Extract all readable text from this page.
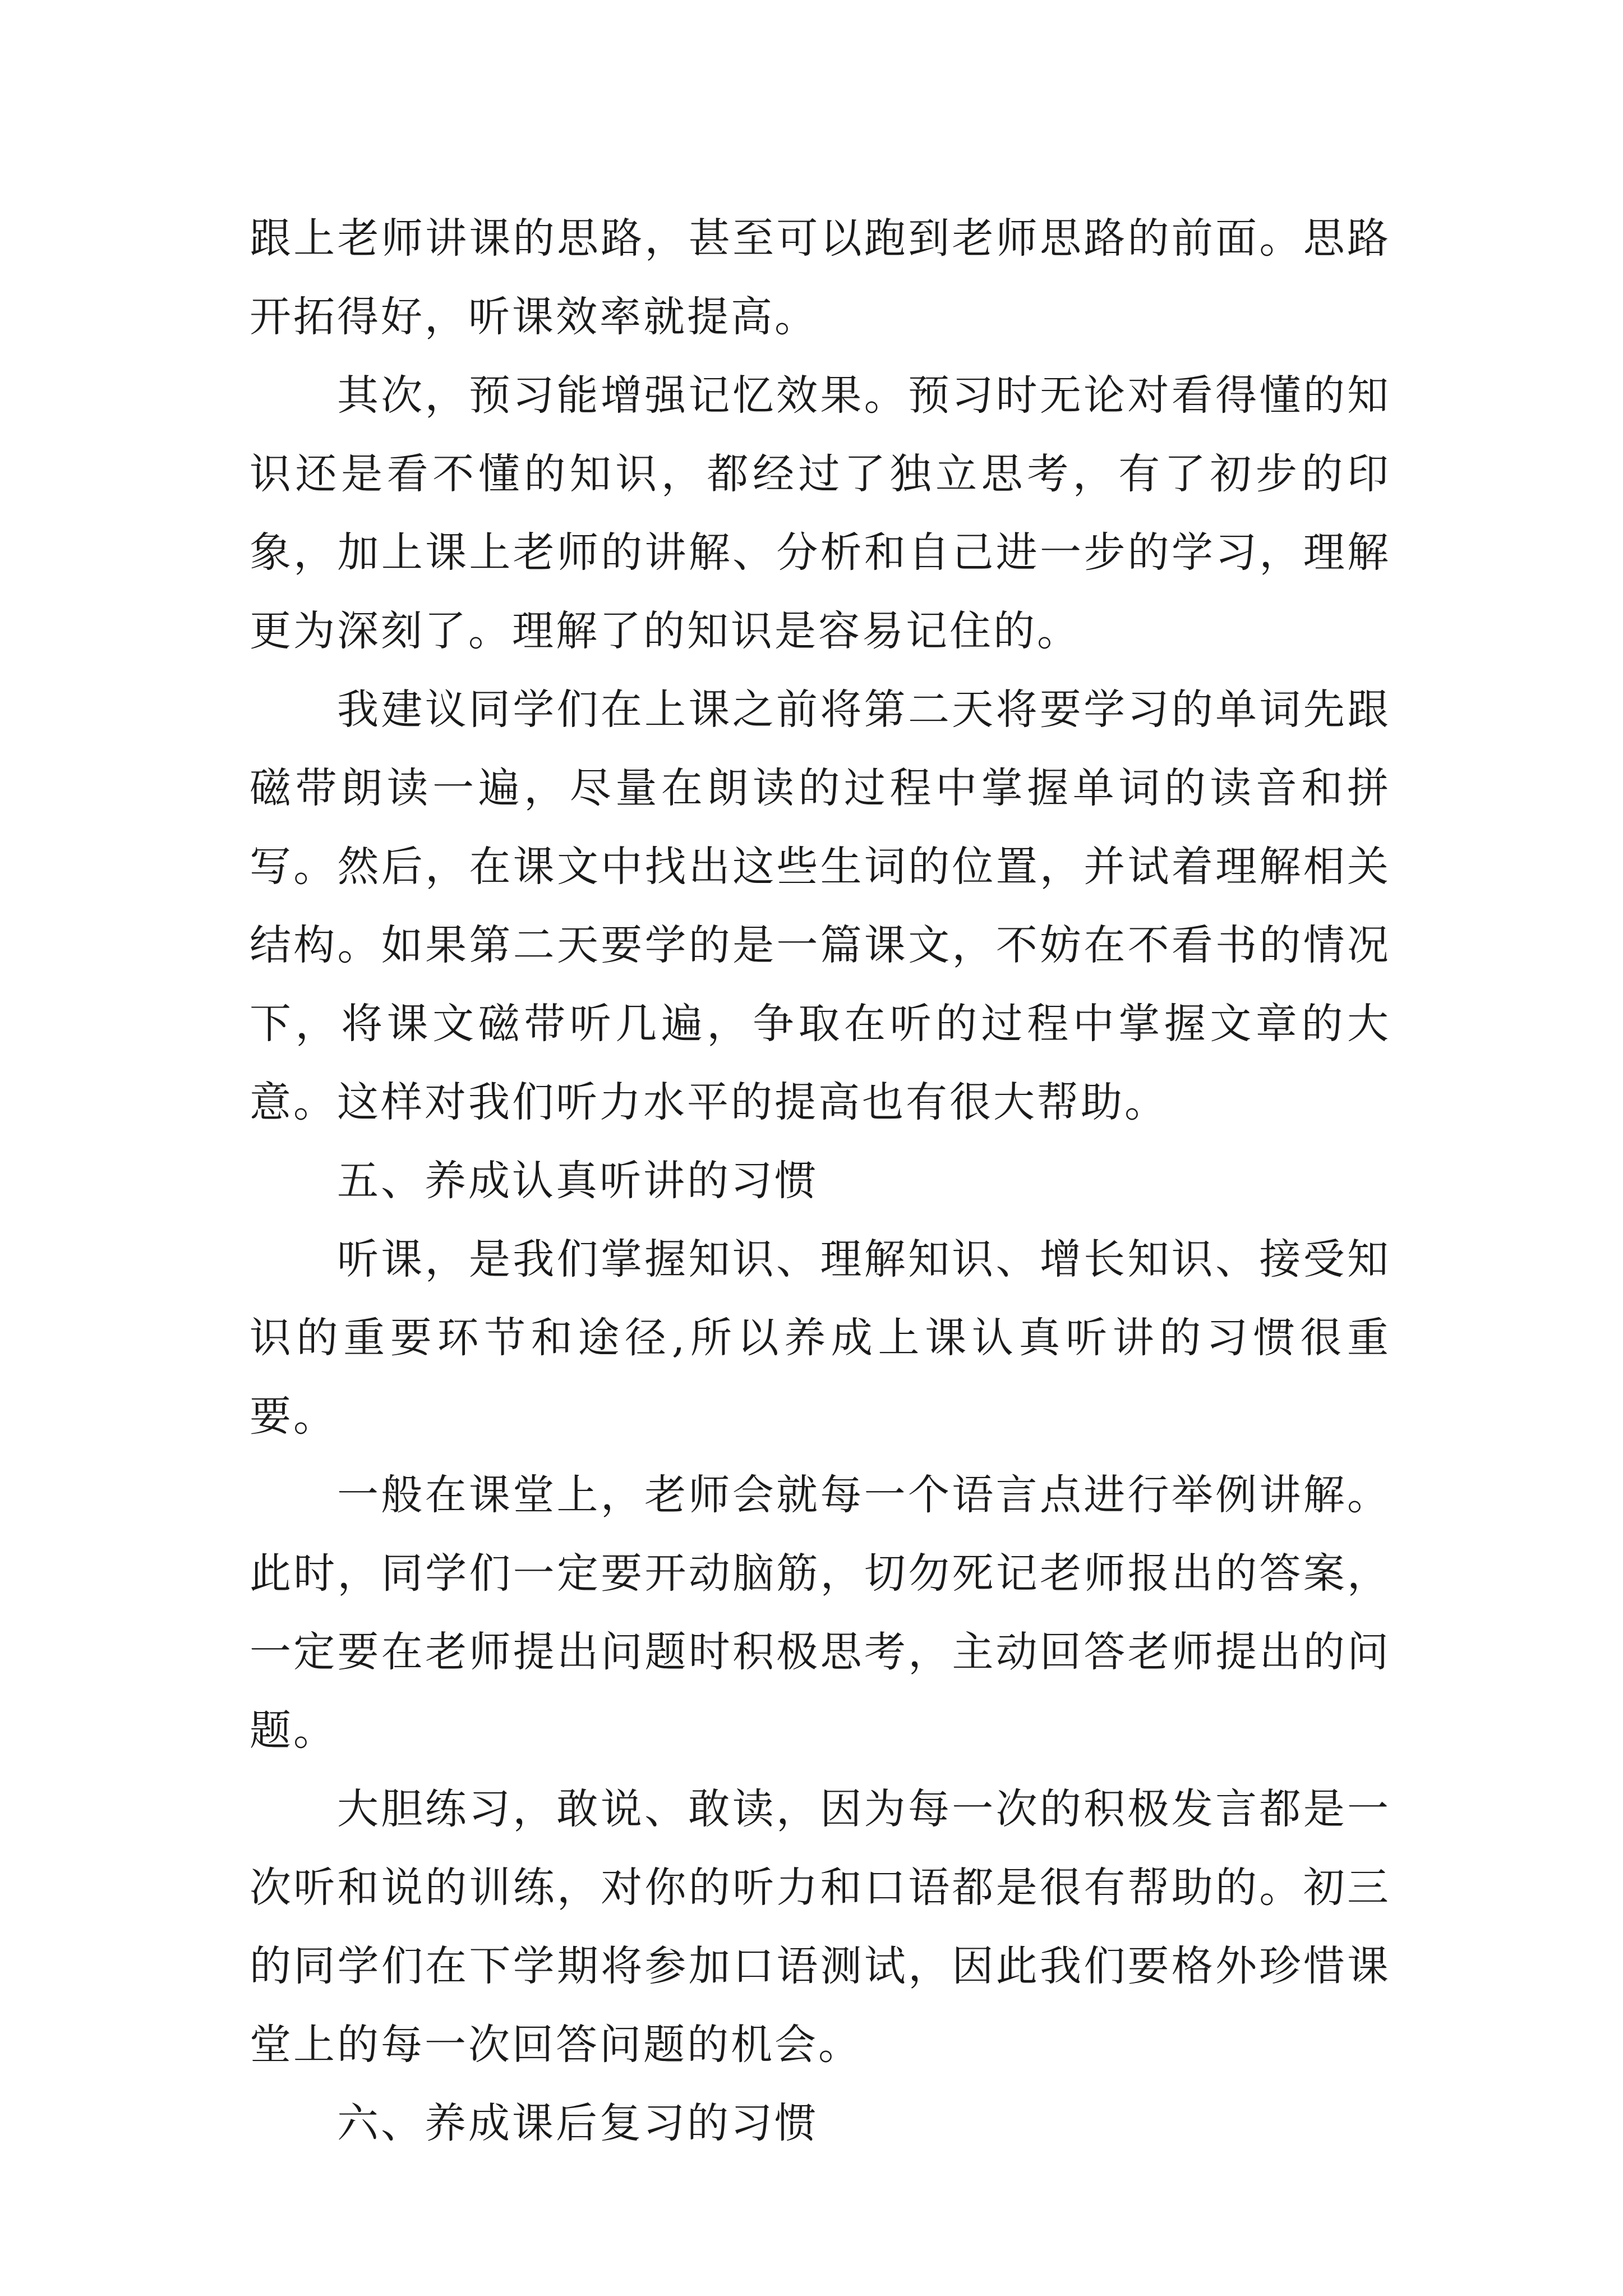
跟上老师讲课的思路，甚至可以跑到老师思路的前面。思路开拓得好，听课效率就提高。

其次，预习能增强记忆效果。预习时无论对看得懂的知识还是看不懂的知识，都经过了独立思考，有了初步的印象，加上课上老师的讲解、分析和自己进一步的学习，理解更为深刻了。理解了的知识是容易记住的。

我建议同学们在上课之前将第二天将要学习的单词先跟磁带朗读一遍，尽量在朗读的过程中掌握单词的读音和拼写。然后，在课文中找出这些生词的位置，并试着理解相关结构。如果第二天要学的是一篇课文，不妨在不看书的情况下，将课文磁带听几遍，争取在听的过程中掌握文章的大意。这样对我们听力水平的提高也有很大帮助。

五、养成认真听讲的习惯

听课，是我们掌握知识、理解知识、增长知识、接受知识的重要环节和途径,所以养成上课认真听讲的习惯很重要。

一般在课堂上，老师会就每一个语言点进行举例讲解。此时，同学们一定要开动脑筋，切勿死记老师报出的答案，一定要在老师提出问题时积极思考，主动回答老师提出的问题。

大胆练习，敢说、敢读，因为每一次的积极发言都是一次听和说的训练，对你的听力和口语都是很有帮助的。初三的同学们在下学期将参加口语测试，因此我们要格外珍惜课堂上的每一次回答问题的机会。

六、养成课后复习的习惯
